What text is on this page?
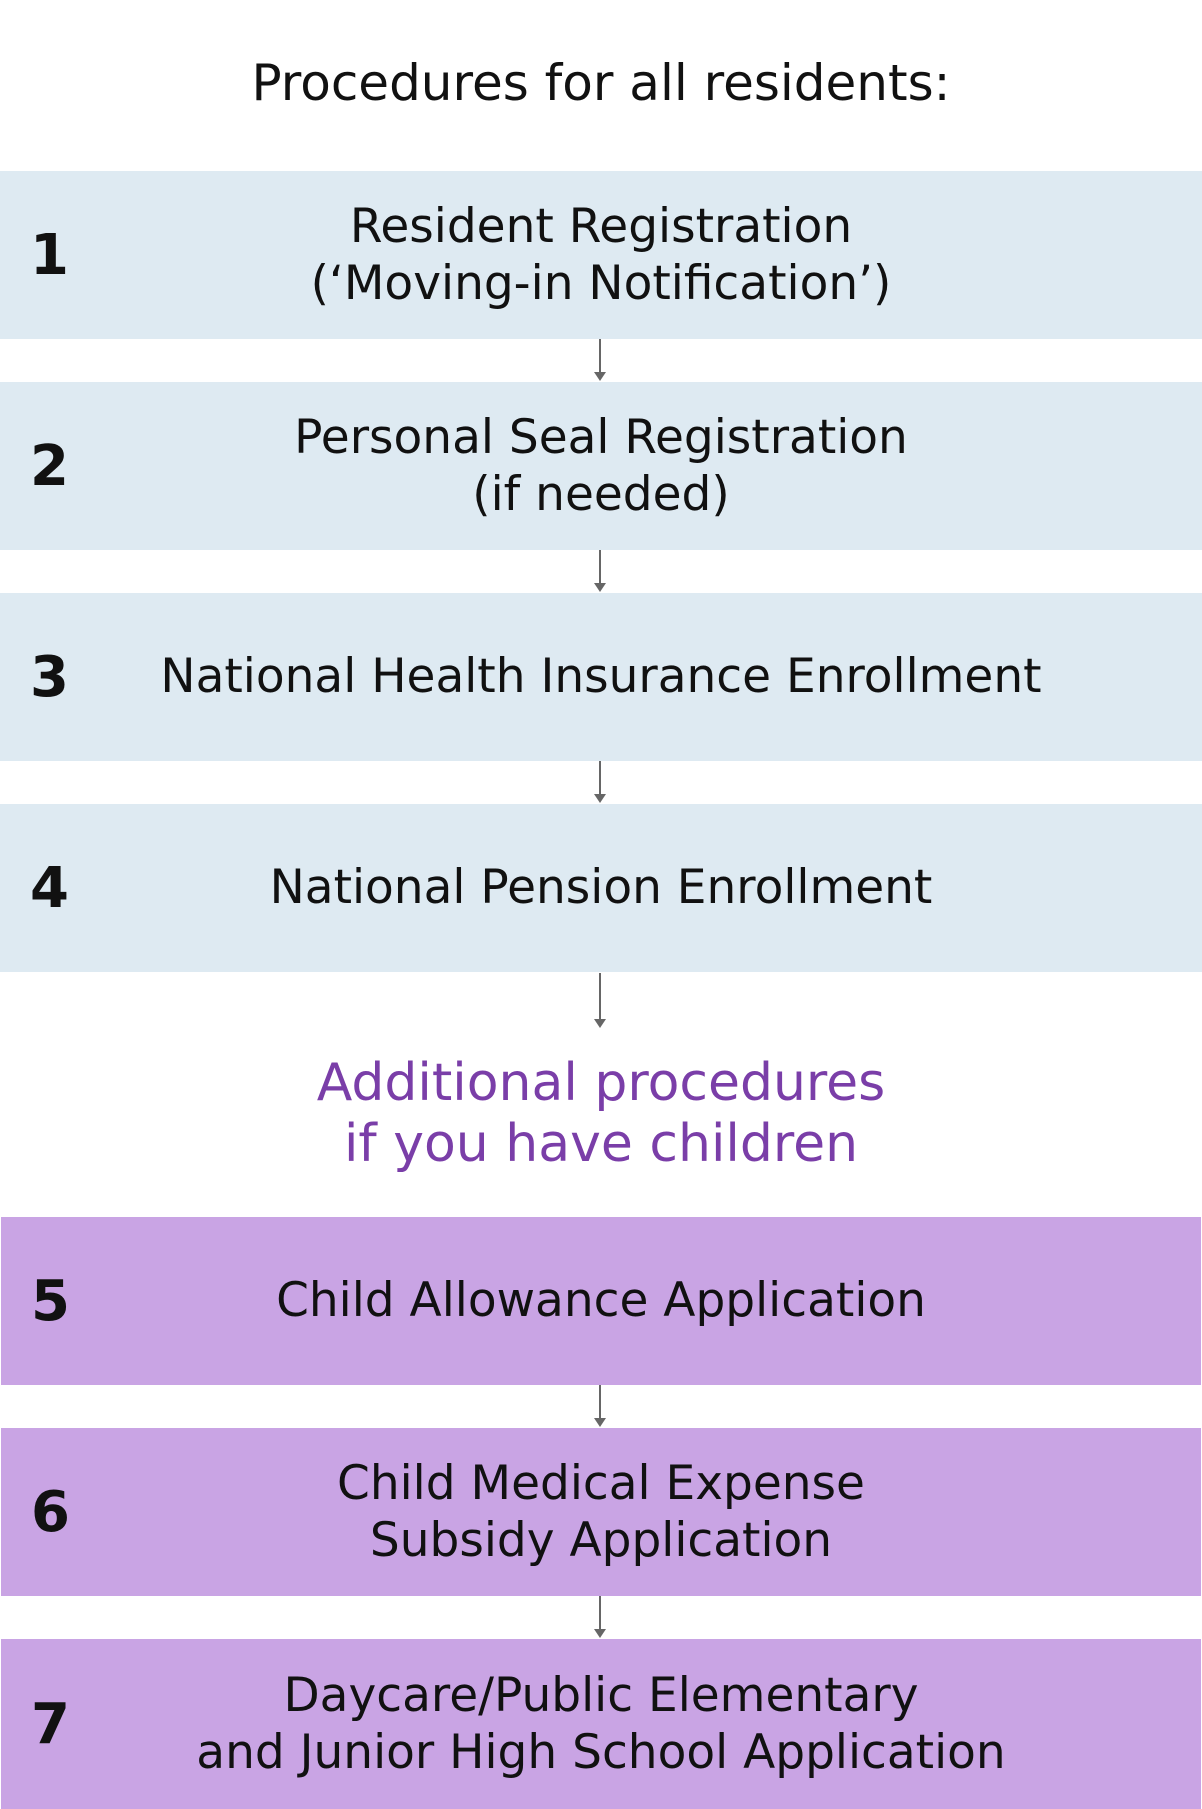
Procedures for all residents:
1	Resident Registration
(‘Moving-in Notification’)
2	Personal Seal Registration
(if needed)
3	National Health Insurance Enrollment
4	National Pension Enrollment
Additional procedures
if you have children
5	Child Allowance Application
6	Child Medical Expense
Subsidy Application
7	Daycare/Public Elementary
and Junior High School Application
